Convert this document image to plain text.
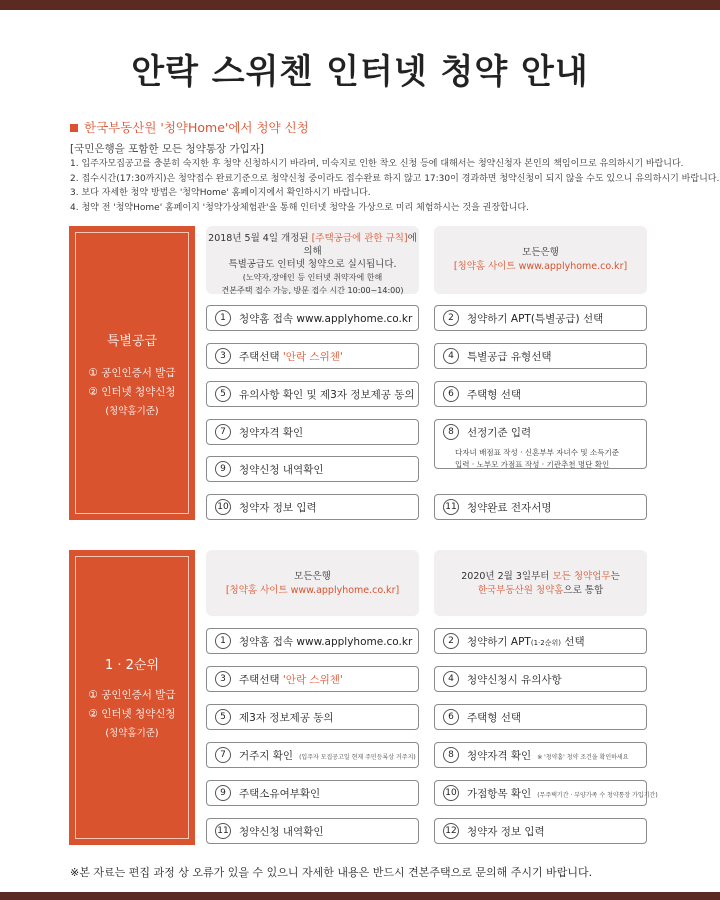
안락 스위첸 인터넷 청약 안내
한국부동산원 '청약Home'에서 청약 신청
[국민은행을 포함한 모든 청약통장 가입자]
1. 입주자모집공고를 충분히 숙지한 후 청약 신청하시기 바라며, 미숙지로 인한 착오 신청 등에 대해서는 청약신청자 본인의 책임이므로 유의하시기 바랍니다.
2. 접수시간(17:30까지)은 청약접수 완료기준으로 청약신청 중이라도 접수완료 하지 않고 17:30이 경과하면 청약신청이 되지 않을 수도 있으니 유의하시기 바랍니다.
3. 보다 자세한 청약 방법은 '청약Home' 홈페이지에서 확인하시기 바랍니다.
4. 청약 전 '청약Home' 홈페이지 '청약가상체험관'을 통해 인터넷 청약을 가상으로 미리 체험하시는 것을 권장합니다.
특별공급
① 공인인증서 발급
② 인터넷 청약신청
(청약홈기준)
2018년 5월 4일 개정된 [주택공급에 관한 규칙]에 의해
특별공급도 인터넷 청약으로 실시됩니다.
(노약자,장애인 등 인터넷 취약자에 한해
견본주택 접수 가능, 방문 접수 시간 10:00~14:00)
모든은행
[청약홈 사이트 www.applyhome.co.kr]
1	청약홈 접속 www.applyhome.co.kr	2	청약하기 APT(특별공급) 선택
3	주택선택 '안락 스위첸'	4	특별공급 유형선택
5	유의사항 확인 및 제3자 정보제공 동의	6	주택형 선택
7	청약자격 확인	8	선정기준 입력
다자녀 배점표 작성 · 신혼부부 자녀수 및 소득기준
입력 · 노부모 가점표 작성 · 기관추천 명단 확인
9	청약신청 내역확인
10 청약자 정보 입력	11 청약완료 전자서명
1 · 2순위
① 공인인증서 발급
② 인터넷 청약신청
(청약홈기준)
모든은행
[청약홈 사이트 www.applyhome.co.kr]
2020년 2월 3일부터 모든 청약업무는
한국부동산원 청약홈으로 통합
1	청약홈 접속 www.applyhome.co.kr	2	청약하기 APT(1·2순위) 선택
3	주택선택 '안락 스위첸'	4	청약신청시 유의사항
5	제3자 정보제공 동의	6	주택형 선택
7	거주지 확인 (입주자 모집공고일 현재 주민등록상 거주지)	8	청약자격 확인 ※ '청약홈' 청약 조건을 확인하세요
9	주택소유여부확인	10 가점항목 확인 (무주택기간 · 부양가족 수 청약통장 가입기간)
11 청약신청 내역확인	12 청약자 정보 입력
※본 자료는 편집 과정 상 오류가 있을 수 있으니 자세한 내용은 반드시 견본주택으로 문의해 주시기 바랍니다.
